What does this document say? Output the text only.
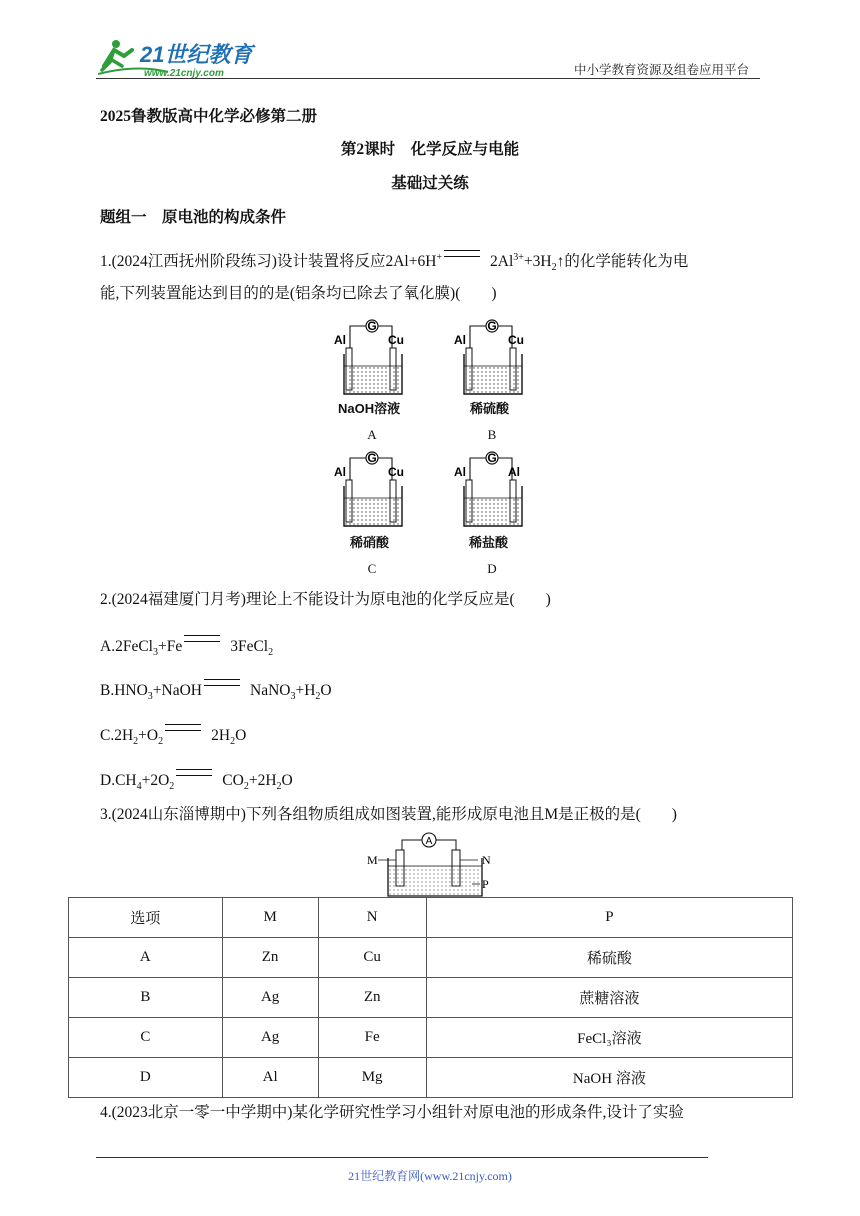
21世纪教育
www.21cnjy.com	中小学教育资源及组卷应用平台
2025鲁教版高中化学必修第二册
第2课时　化学反应与电能
基础过关练
题组一　原电池的构成条件
1.(2024江西抚州阶段练习)设计装置将反应2Al+6H+	$2Al^{3+}+3H_2↑$的化学能转化为电
能,下列装置能达到目的的是(铝条均已除去了氧化膜)(　　)
G
Al	Cu
NaOH溶液
A
G
Al	Cu
稀硫酸
B
G
Al	Cu
稀硝酸
C
G
Al	Al
稀盐酸
D
2.(2024福建厦门月考)理论上不能设计为原电池的化学反应是(　　)
A.2FeCl$_3$+Fe	3FeCl$_2$
$B.HNO_3+NaOH$	$NaNO_3+H_2O$
$C.2H_2+O_2$	$2H_2O$
$D.CH_4+2O_2$	$CO_2+2H_2O$
3.(2024山东淄博期中)下列各组物质组成如图装置,能形成原电池且M是正极的是(　　)
A
M	N
P
选项	M	N	P
A	Zn	Cu	稀硫酸
B	Ag	Zn	蔗糖溶液
C	Ag	Fe	FeCl₃溶液
D	Al	Mg	NaOH 溶液
4.(2023北京一零一中学期中)某化学研究性学习小组针对原电池的形成条件,设计了实验
21世纪教育网(www.21cnjy.com)
